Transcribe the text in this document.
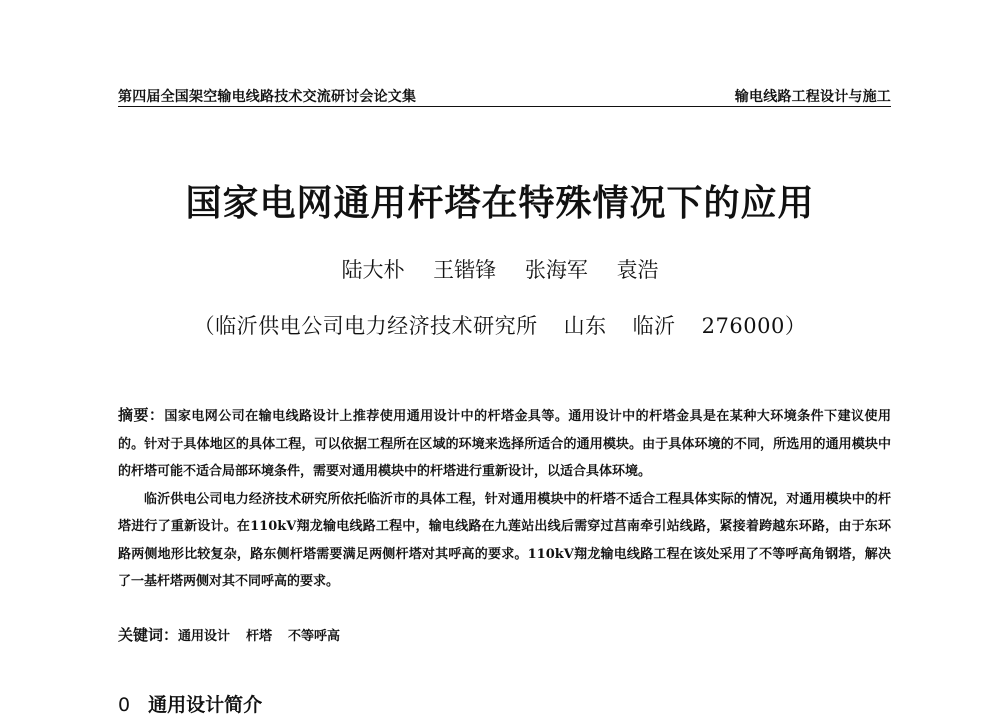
第四届全国架空输电线路技术交流研讨会论文集	输电线路工程设计与施工
国家电网通用杆塔在特殊情况下的应用
陆大朴 王锴锋 张海军 袁浩
（临沂供电公司电力经济技术研究所 山东 临沂 276000）

摘要：国家电网公司在输电线路设计上推荐使用通用设计中的杆塔金具等。通用设计中的杆塔金具是在某种大环境条件下建议使用的。针对于具体地区的具体工程，可以依据工程所在区域的环境来选择所适合的通用模块。由于具体环境的不同，所选用的通用模块中的杆塔可能不适合局部环境条件，需要对通用模块中的杆塔进行重新设计，以适合具体环境。

临沂供电公司电力经济技术研究所依托临沂市的具体工程，针对通用模块中的杆塔不适合工程具体实际的情况，对通用模块中的杆塔进行了重新设计。在110kV翔龙输电线路工程中，输电线路在九莲站出线后需穿过莒南牵引站线路，紧接着跨越东环路，由于东环路两侧地形比较复杂，路东侧杆塔需要满足两侧杆塔对其呼高的要求。110kV翔龙输电线路工程在该处采用了不等呼高角钢塔，解决了一基杆塔两侧对其不同呼高的要求。

关键词：通用设计 杆塔 不等呼高
0 通用设计简介
